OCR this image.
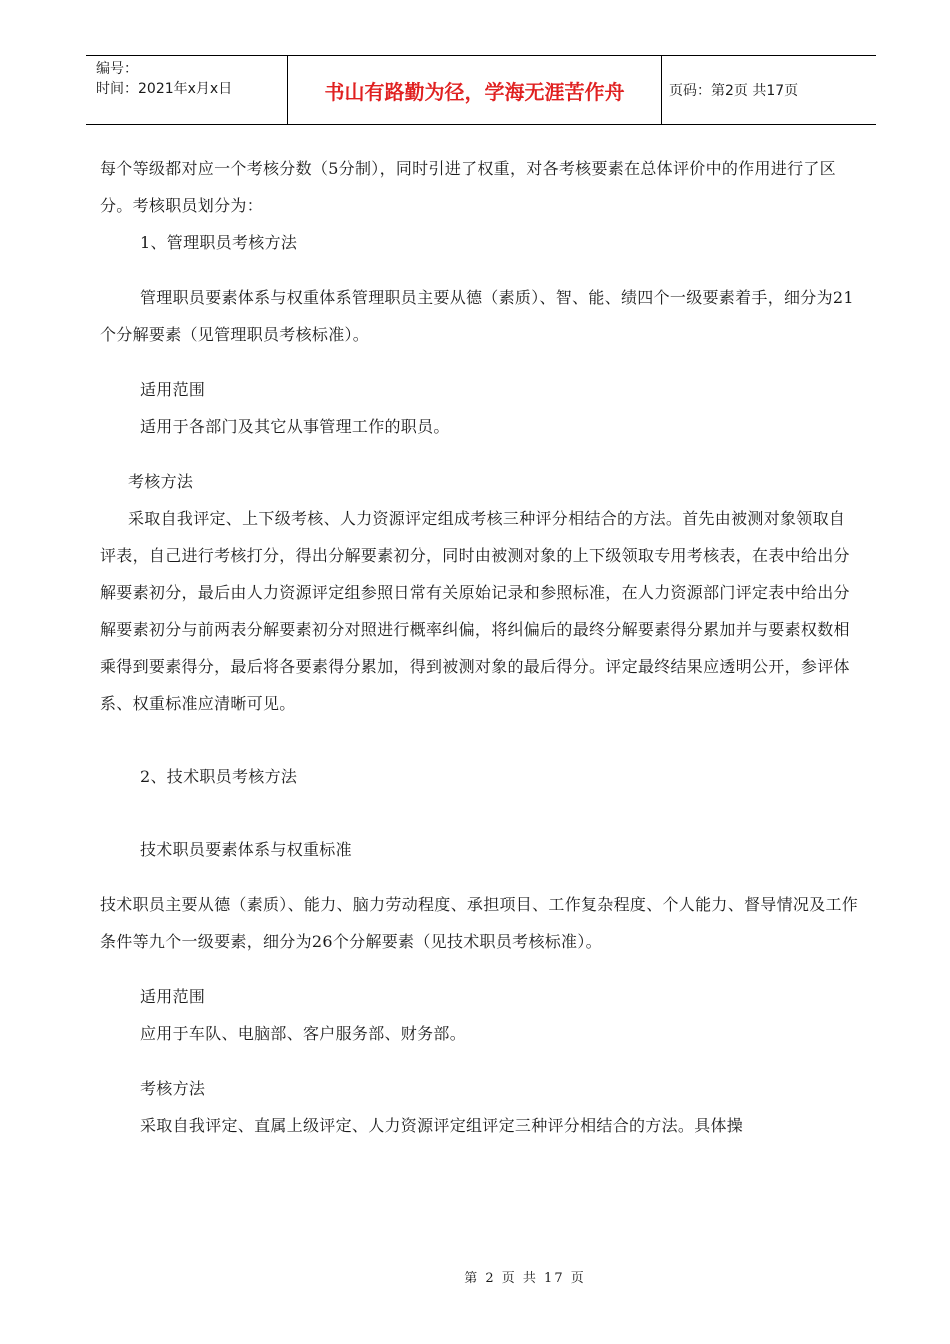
编号：
时间：2021年x月x日	书山有路勤为径，学海无涯苦作舟	页码：第2页 共17页

每个等级都对应一个考核分数（5分制），同时引进了权重，对各考核要素在总体评价中的作用进行了区分。考核职员划分为：

1、管理职员考核方法

管理职员要素体系与权重体系管理职员主要从德（素质）、智、能、绩四个一级要素着手，细分为21个分解要素（见管理职员考核标准）。

适用范围

适用于各部门及其它从事管理工作的职员。

考核方法

采取自我评定、上下级考核、人力资源评定组成考核三种评分相结合的方法。首先由被测对象领取自评表，自己进行考核打分，得出分解要素初分，同时由被测对象的上下级领取专用考核表，在表中给出分解要素初分，最后由人力资源评定组参照日常有关原始记录和参照标准，在人力资源部门评定表中给出分解要素初分与前两表分解要素初分对照进行概率纠偏，将纠偏后的最终分解要素得分累加并与要素权数相乘得到要素得分，最后将各要素得分累加，得到被测对象的最后得分。评定最终结果应透明公开，参评体系、权重标准应清晰可见。

2、技术职员考核方法

技术职员要素体系与权重标准

技术职员主要从德（素质）、能力、脑力劳动程度、承担项目、工作复杂程度、个人能力、督导情况及工作条件等九个一级要素，细分为26个分解要素（见技术职员考核标准）。

适用范围

应用于车队、电脑部、客户服务部、财务部。

考核方法

采取自我评定、直属上级评定、人力资源评定组评定三种评分相结合的方法。具体操

第 2 页 共 17 页
